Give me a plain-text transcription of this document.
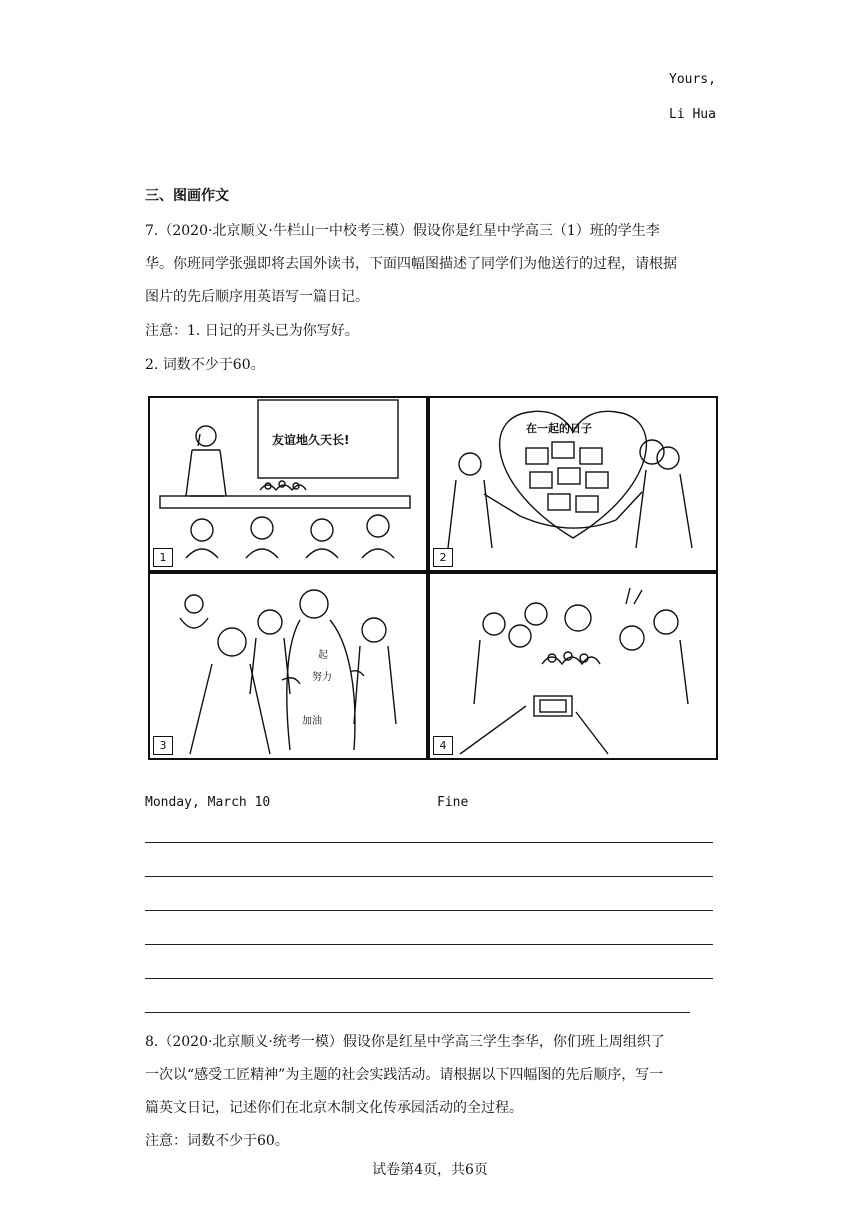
Yours,
Li Hua
三、图画作文
7.（2020·北京顺义·牛栏山一中校考三模）假设你是红星中学高三（1）班的学生李
华。你班同学张强即将去国外读书，下面四幅图描述了同学们为他送行的过程，请根据
图片的先后顺序用英语写一篇日记。
注意：1. 日记的开头已为你写好。
2. 词数不少于60。
友谊地久天长!
1
在一起的日子
2
起
努力
加油
3	4
Monday, March 10	Fine
8.（2020·北京顺义·统考一模）假设你是红星中学高三学生李华，你们班上周组织了
一次以“感受工匠精神”为主题的社会实践活动。请根据以下四幅图的先后顺序，写一
篇英文日记，记述你们在北京木制文化传承园活动的全过程。
注意：词数不少于60。
试卷第4页，共6页
